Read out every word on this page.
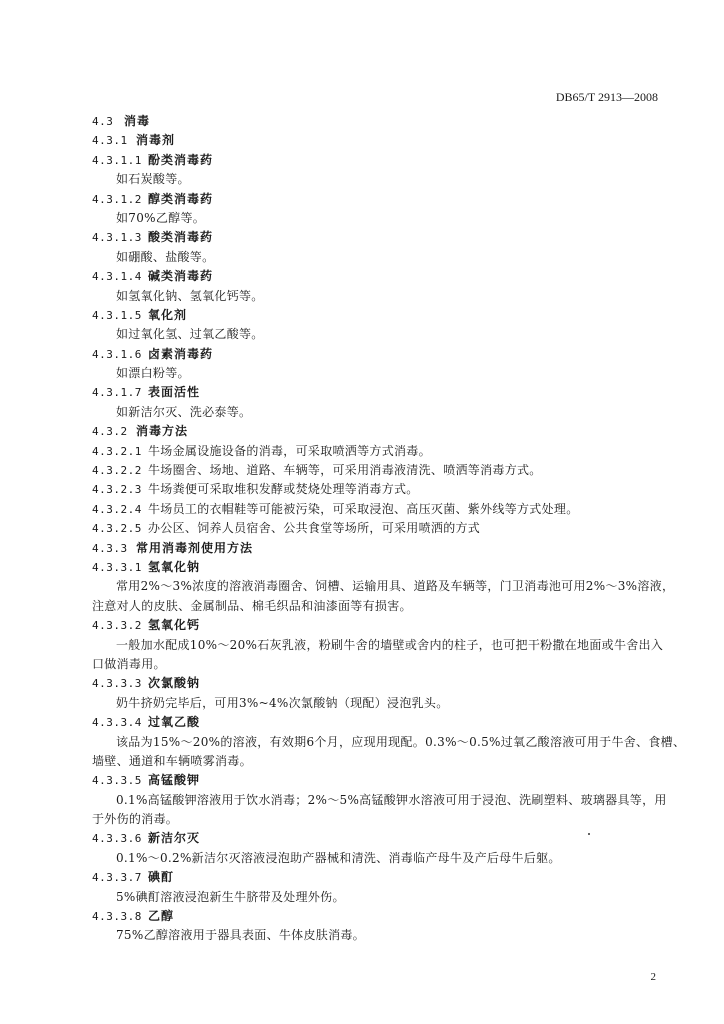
DB65/T 2913—2008
4.3 消毒
4.3.1 消毒剂
4.3.1.1 酚类消毒药
如石炭酸等。
4.3.1.2 醇类消毒药
如70%乙醇等。
4.3.1.3 酸类消毒药
如硼酸、盐酸等。
4.3.1.4 碱类消毒药
如氢氧化钠、氢氧化钙等。
4.3.1.5 氧化剂
如过氧化氢、过氧乙酸等。
4.3.1.6 卤素消毒药
如漂白粉等。
4.3.1.7 表面活性
如新洁尔灭、洗必泰等。
4.3.2 消毒方法
4.3.2.1 牛场金属设施设备的消毒，可采取喷洒等方式消毒。
4.3.2.2 牛场圈舍、场地、道路、车辆等，可采用消毒液清洗、喷洒等消毒方式。
4.3.2.3 牛场粪便可采取堆积发酵或焚烧处理等消毒方式。
4.3.2.4 牛场员工的衣帽鞋等可能被污染，可采取浸泡、高压灭菌、紫外线等方式处理。
4.3.2.5 办公区、饲养人员宿舍、公共食堂等场所，可采用喷洒的方式
4.3.3 常用消毒剂使用方法
4.3.3.1 氢氧化钠
常用2%～3%浓度的溶液消毒圈舍、饲槽、运输用具、道路及车辆等，门卫消毒池可用2%～3%溶液，
注意对人的皮肤、金属制品、棉毛织品和油漆面等有损害。
4.3.3.2 氢氧化钙
一般加水配成10%～20%石灰乳液，粉刷牛舍的墙壁或舍内的柱子，也可把干粉撒在地面或牛舍出入
口做消毒用。
4.3.3.3 次氯酸钠
奶牛挤奶完毕后，可用3%~4%次氯酸钠（现配）浸泡乳头。
4.3.3.4 过氧乙酸
该品为15%～20%的溶液，有效期6个月，应现用现配。0.3%～0.5%过氧乙酸溶液可用于牛舍、食槽、
墙壁、通道和车辆喷雾消毒。
4.3.3.5 高锰酸钾
0.1%高锰酸钾溶液用于饮水消毒；2%～5%高锰酸钾水溶液可用于浸泡、洗刷塑料、玻璃器具等，用
于外伤的消毒。
4.3.3.6 新洁尔灭
0.1%～0.2%新洁尔灭溶液浸泡助产器械和清洗、消毒临产母牛及产后母牛后躯。
4.3.3.7 碘酊
5%碘酊溶液浸泡新生牛脐带及处理外伤。
4.3.3.8 乙醇
75%乙醇溶液用于器具表面、牛体皮肤消毒。
2
